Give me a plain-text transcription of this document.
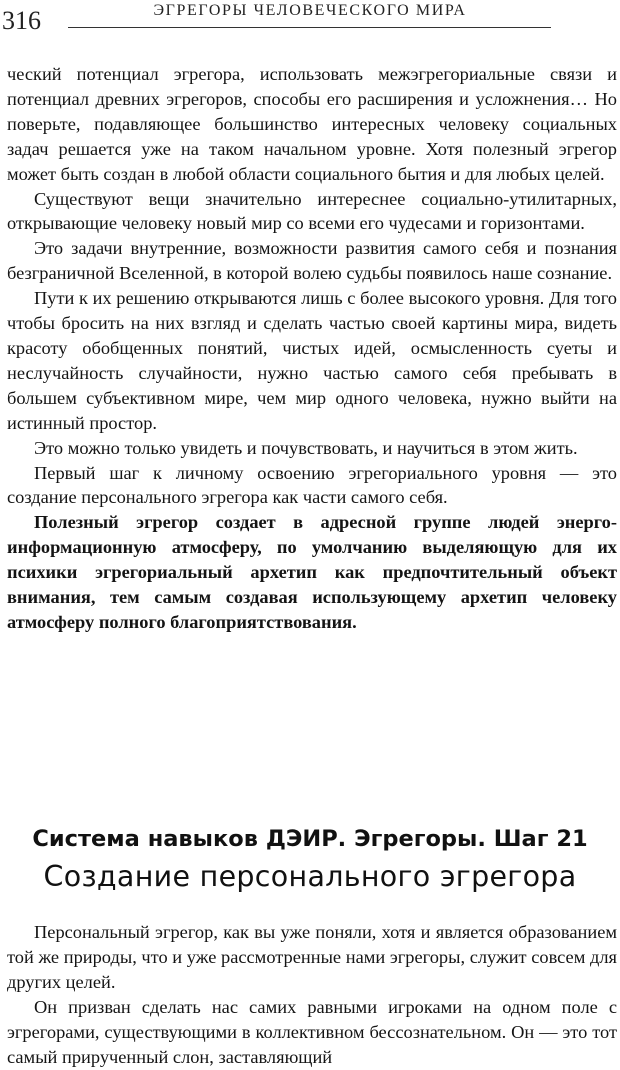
316	ЭГРЕГОРЫ ЧЕЛОВЕЧЕСКОГО МИРА

ческий потенциал эгрегора, использовать межэгрегориальные связи и потенциал древних эгрегоров, способы его расширения и усложнения… Но поверьте, подавляющее большинство интересных человеку социальных задач решается уже на таком начальном уровне. Хотя полезный эгрегор может быть создан в любой области социального бытия и для любых целей.

Существуют вещи значительно интереснее социально-утилитарных, открывающие человеку новый мир со всеми его чудесами и горизонтами.

Это задачи внутренние, возможности развития самого себя и познания безграничной Вселенной, в которой волею судьбы появилось наше сознание.

Пути к их решению открываются лишь с более высокого уровня. Для того чтобы бросить на них взгляд и сделать частью своей картины мира, видеть красоту обобщенных понятий, чистых идей, осмысленность суеты и неслучайность случайности, нужно частью самого себя пребывать в большем субъективном мире, чем мир одного человека, нужно выйти на истинный простор.

Это можно только увидеть и почувствовать, и научиться в этом жить.

Первый шаг к личному освоению эгрегориального уровня — это создание персонального эгрегора как части самого себя.

Полезный эгрегор создает в адресной группе людей энергоинформационную атмосферу, по умолчанию выделяющую для их психики эгрегориальный архетип как предпочтительный объект внимания, тем самым создавая использующему архетип человеку атмосферу полного благоприятствования.

Система навыков ДЭИР. Эгрегоры. Шаг 21
Создание персонального эгрегора

Персональный эгрегор, как вы уже поняли, хотя и является образованием той же природы, что и уже рассмотренные нами эгрегоры, служит совсем для других целей.

Он призван сделать нас самих равными игроками на одном поле с эгрегорами, существующими в коллективном бессознательном. Он — это тот самый прирученный слон, заставляющий
